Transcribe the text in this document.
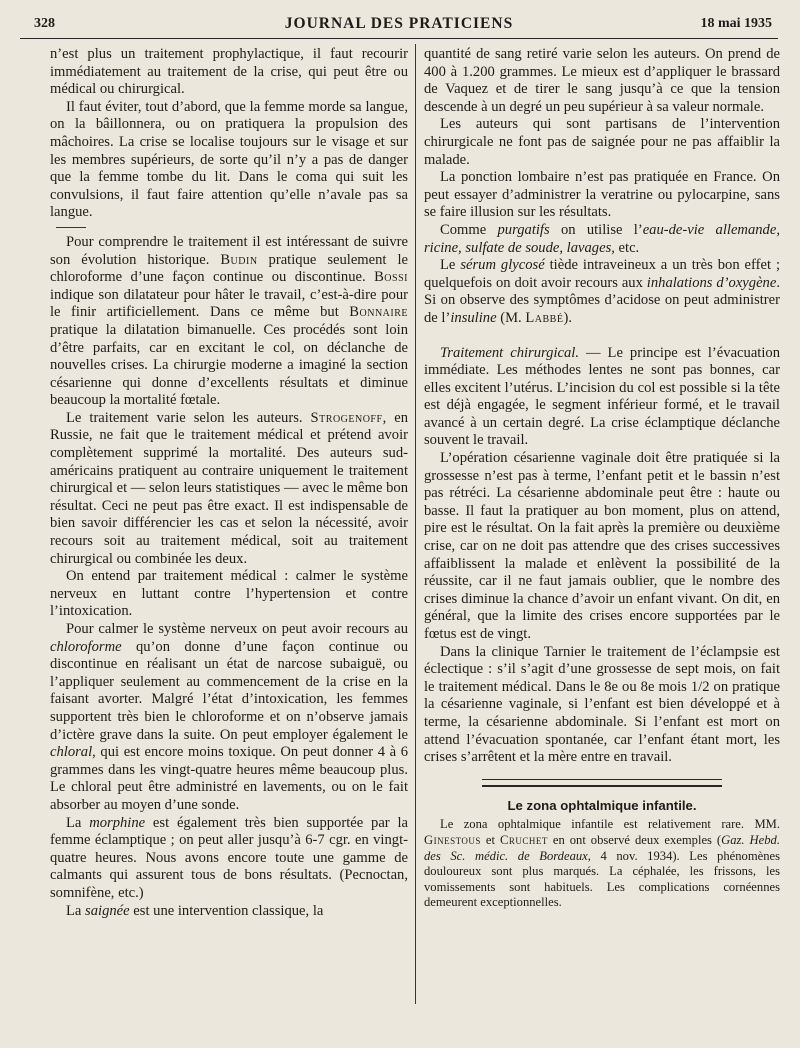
328	JOURNAL DES PRATICIENS	18 mai 1935

n’est plus un traitement prophylactique, il faut recourir immédiatement au traitement de la crise, qui peut être ou médical ou chirurgical.

Il faut éviter, tout d’abord, que la femme morde sa langue, on la bâillonnera, ou on pratiquera la propulsion des mâchoires. La crise se localise toujours sur le visage et sur les membres supérieurs, de sorte qu’il n’y a pas de danger que la femme tombe du lit. Dans le coma qui suit les convulsions, il faut faire attention qu’elle n’avale pas sa langue.

Pour comprendre le traitement il est intéressant de suivre son évolution historique. Budin pratique seulement le chloroforme d’une façon continue ou discontinue. Bossi indique son dilatateur pour hâter le travail, c’est-à-dire pour le finir artificiellement. Dans ce même but Bonnaire pratique la dilatation bimanuelle. Ces procédés sont loin d’être parfaits, car en excitant le col, on déclanche de nouvelles crises. La chirurgie moderne a imaginé la section césarienne qui donne d’excellents résultats et diminue beaucoup la mortalité fœtale.

Le traitement varie selon les auteurs. Strogenoff, en Russie, ne fait que le traitement médical et prétend avoir complètement supprimé la mortalité. Des auteurs sud-américains pratiquent au contraire uniquement le traitement chirurgical et — selon leurs statistiques — avec le même bon résultat. Ceci ne peut pas être exact. Il est indispensable de bien savoir différencier les cas et selon la nécessité, avoir recours soit au traitement médical, soit au traitement chirurgical ou combinée les deux.

On entend par traitement médical : calmer le système nerveux en luttant contre l’hypertension et contre l’intoxication.

Pour calmer le système nerveux on peut avoir recours au chloroforme qu’on donne d’une façon continue ou discontinue en réalisant un état de narcose subaiguë, ou l’appliquer seulement au commencement de la crise en la faisant avorter. Malgré l’état d’intoxication, les femmes supportent très bien le chloroforme et on n’observe jamais d’ictère grave dans la suite. On peut employer également le chloral, qui est encore moins toxique. On peut donner 4 à 6 grammes dans les vingt-quatre heures même beaucoup plus. Le chloral peut être administré en lavements, ou on le fait absorber au moyen d’une sonde.

La morphine est également très bien supportée par la femme éclamptique ; on peut aller jusqu’à 6-7 cgr. en vingt-quatre heures. Nous avons encore toute une gamme de calmants qui assurent tous de bons résultats. (Pecnoctan, somnifène, etc.)

La saignée est une intervention classique, la

quantité de sang retiré varie selon les auteurs. On prend de 400 à 1.200 grammes. Le mieux est d’appliquer le brassard de Vaquez et de tirer le sang jusqu’à ce que la tension descende à un degré un peu supérieur à sa valeur normale.

Les auteurs qui sont partisans de l’intervention chirurgicale ne font pas de saignée pour ne pas affaiblir la malade.

La ponction lombaire n’est pas pratiquée en France. On peut essayer d’administrer la veratrine ou pylocarpine, sans se faire illusion sur les résultats.

Comme purgatifs on utilise l’eau-de-vie allemande, ricine, sulfate de soude, lavages, etc.

Le sérum glycosé tiède intraveineux a un très bon effet ; quelquefois on doit avoir recours aux inhalations d’oxygène. Si on observe des symptômes d’acidose on peut administrer de l’insuline (M. Labbé).

Traitement chirurgical. — Le principe est l’évacuation immédiate. Les méthodes lentes ne sont pas bonnes, car elles excitent l’utérus. L’incision du col est possible si la tête est déjà engagée, le segment inférieur formé, et le travail avancé à un certain degré. La crise éclamptique déclanche souvent le travail.

L’opération césarienne vaginale doit être pratiquée si la grossesse n’est pas à terme, l’enfant petit et le bassin n’est pas rétréci. La césarienne abdominale peut être : haute ou basse. Il faut la pratiquer au bon moment, plus on attend, pire est le résultat. On la fait après la première ou deuxième crise, car on ne doit pas attendre que des crises successives affaiblissent la malade et enlèvent la possibilité de la réussite, car il ne faut jamais oublier, que le nombre des crises diminue la chance d’avoir un enfant vivant. On dit, en général, que la limite des crises encore supportées par le fœtus est de vingt.

Dans la clinique Tarnier le traitement de l’éclampsie est éclectique : s’il s’agit d’une grossesse de sept mois, on fait le traitement médical. Dans le 8e ou 8e mois 1/2 on pratique la césarienne vaginale, si l’enfant est bien développé et à terme, la césarienne abdominale. Si l’enfant est mort on attend l’évacuation spontanée, car l’enfant étant mort, les crises s’arrêtent et la mère entre en travail.

Le zona ophtalmique infantile.

Le zona ophtalmique infantile est relativement rare. MM. Ginestous et Cruchet en ont observé deux exemples (Gaz. Hebd. des Sc. médic. de Bordeaux, 4 nov. 1934). Les phénomènes douloureux sont plus marqués. La céphalée, les frissons, les vomissements sont habituels. Les complications cornéennes demeurent exceptionnelles.
